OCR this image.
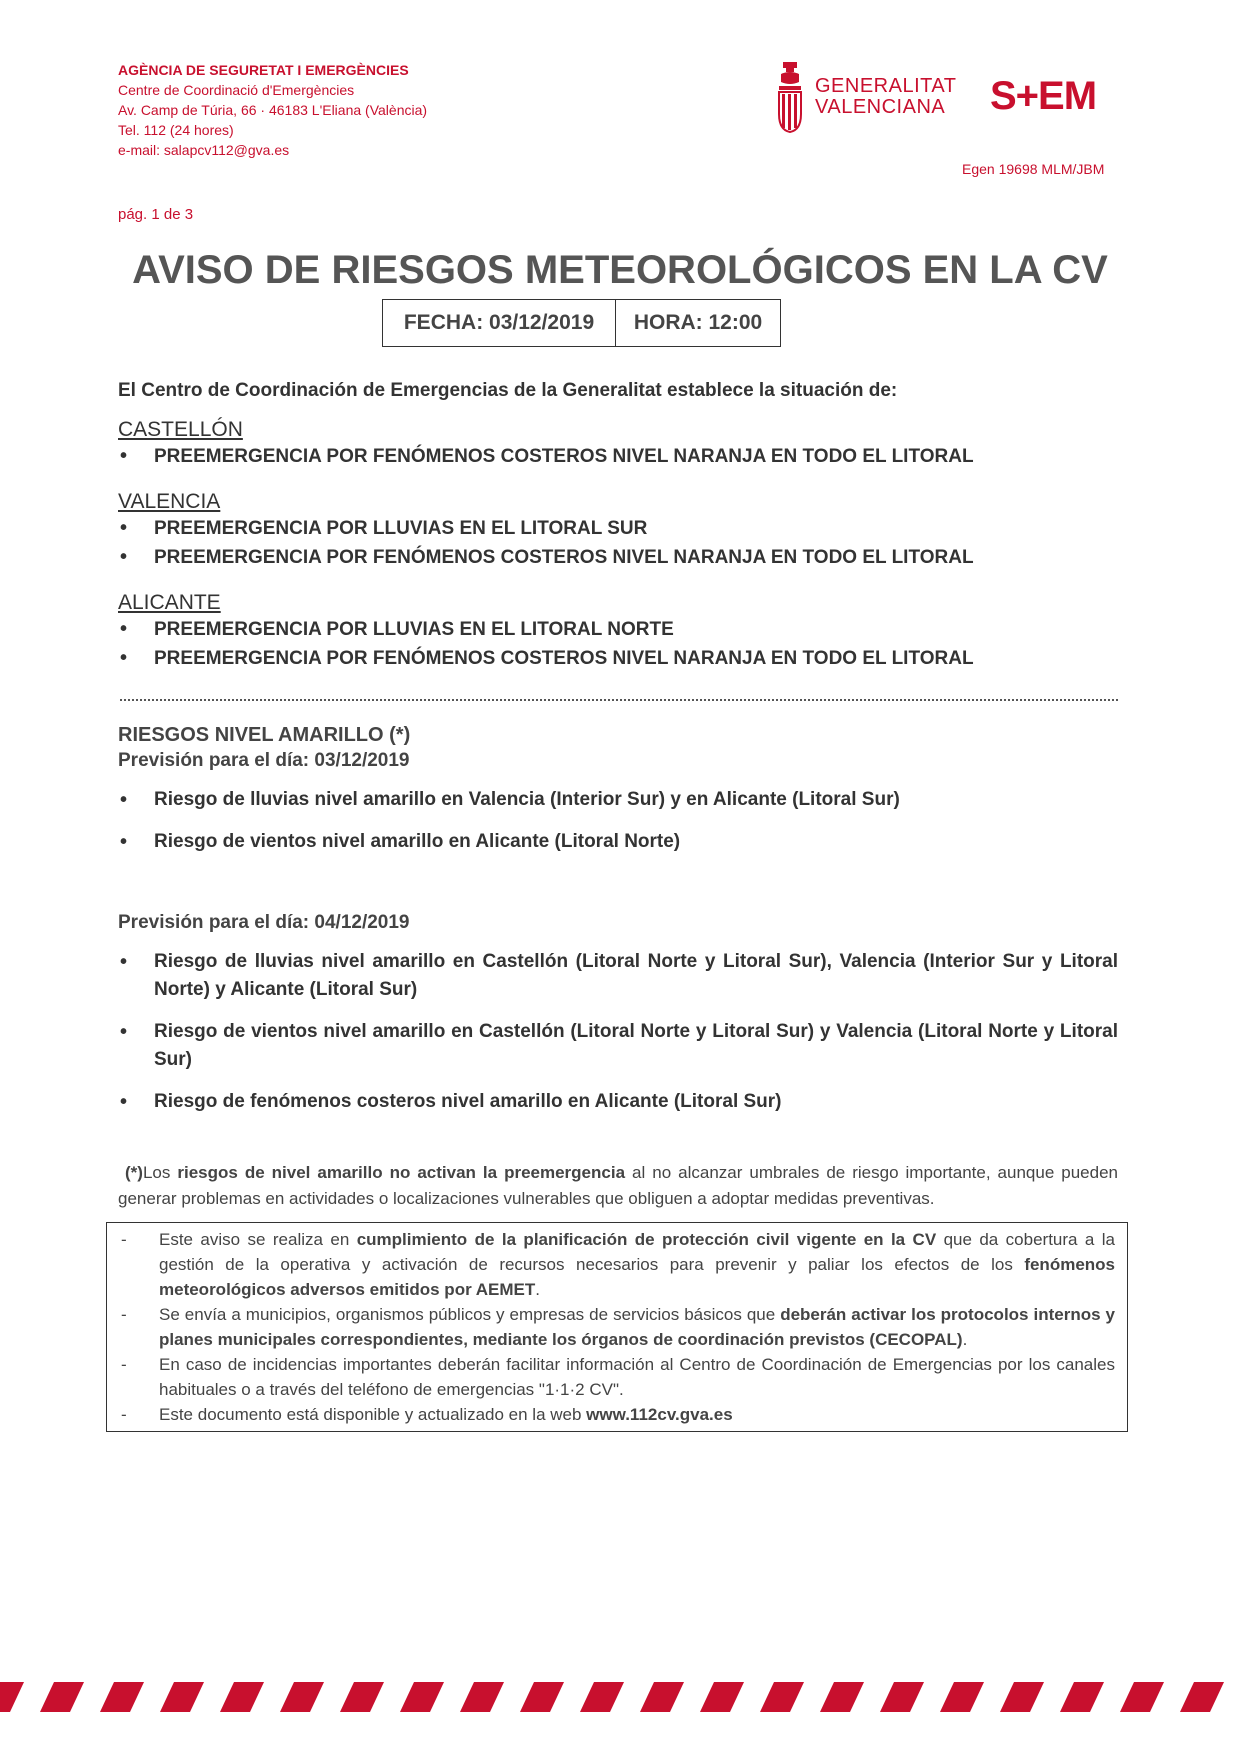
AGÈNCIA DE SEGURETAT I EMERGÈNCIES
Centre de Coordinació d'Emergències
Av. Camp de Túria, 66 · 46183 L'Eliana (València)
Tel. 112 (24 hores)
e-mail: salapcv112@gva.es
GENERALITAT
VALENCIANA S+EM
Egen 19698 MLM/JBM
pág. 1 de 3
AVISO DE RIESGOS METEOROLÓGICOS EN LA CV
FECHA: 03/12/2019	HORA: 12:00
El Centro de Coordinación de Emergencias de la Generalitat establece la situación de:
CASTELLÓN
• PREEMERGENCIA POR FENÓMENOS COSTEROS NIVEL NARANJA EN TODO EL LITORAL
VALENCIA
• PREEMERGENCIA POR LLUVIAS EN EL LITORAL SUR
• PREEMERGENCIA POR FENÓMENOS COSTEROS NIVEL NARANJA EN TODO EL LITORAL
ALICANTE
• PREEMERGENCIA POR LLUVIAS EN EL LITORAL NORTE
• PREEMERGENCIA POR FENÓMENOS COSTEROS NIVEL NARANJA EN TODO EL LITORAL
RIESGOS NIVEL AMARILLO (*)
Previsión para el día: 03/12/2019
• Riesgo de lluvias nivel amarillo en Valencia (Interior Sur) y en Alicante (Litoral Sur)
• Riesgo de vientos nivel amarillo en Alicante (Litoral Norte)
Previsión para el día: 04/12/2019
• Riesgo de lluvias nivel amarillo en Castellón (Litoral Norte y Litoral Sur), Valencia (Interior Sur y Litoral Norte) y Alicante (Litoral Sur)
• Riesgo de vientos nivel amarillo en Castellón (Litoral Norte y Litoral Sur) y Valencia (Litoral Norte y Litoral Sur)
• Riesgo de fenómenos costeros nivel amarillo en Alicante (Litoral Sur)
(*)Los riesgos de nivel amarillo no activan la preemergencia al no alcanzar umbrales de riesgo importante, aunque pueden generar problemas en actividades o localizaciones vulnerables que obliguen a adoptar medidas preventivas.
- Este aviso se realiza en cumplimiento de la planificación de protección civil vigente en la CV que da cobertura a la gestión de la operativa y activación de recursos necesarios para prevenir y paliar los efectos de los fenómenos meteorológicos adversos emitidos por AEMET.
- Se envía a municipios, organismos públicos y empresas de servicios básicos que deberán activar los protocolos internos y planes municipales correspondientes, mediante los órganos de coordinación previstos (CECOPAL).
- En caso de incidencias importantes deberán facilitar información al Centro de Coordinación de Emergencias por los canales habituales o a través del teléfono de emergencias "1·1·2 CV".
- Este documento está disponible y actualizado en la web www.112cv.gva.es
